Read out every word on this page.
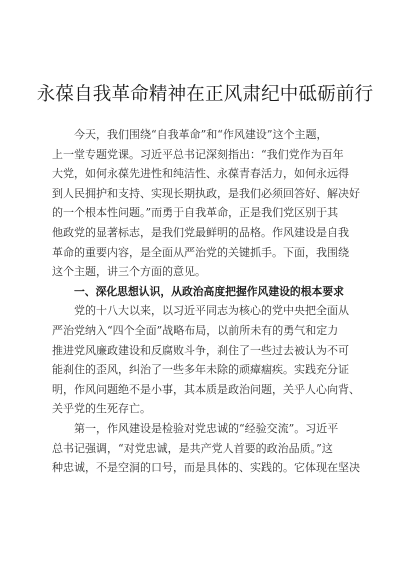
永葆自我革命精神在正风肃纪中砥砺前行
今天，我们围绕“自我革命”和“作风建设”这个主题，
上一堂专题党课。习近平总书记深刻指出：“我们党作为百年
大党，如何永葆先进性和纯洁性、永葆青春活力，如何永远得
到人民拥护和支持、实现长期执政，是我们必须回答好、解决好
的一个根本性问题。”而勇于自我革命，正是我们党区别于其
他政党的显著标志，是我们党最鲜明的品格。作风建设是自我
革命的重要内容，是全面从严治党的关键抓手。下面，我围绕
这个主题，讲三个方面的意见。
一、深化思想认识，从政治高度把握作风建设的根本要求
党的十八大以来，以习近平同志为核心的党中央把全面从
严治党纳入“四个全面”战略布局，以前所未有的勇气和定力
推进党风廉政建设和反腐败斗争，刹住了一些过去被认为不可
能刹住的歪风，纠治了一些多年未除的顽瘴痼疾。实践充分证
明，作风问题绝不是小事，其本质是政治问题，关乎人心向背、
关乎党的生死存亡。
第一，作风建设是检验对党忠诚的“经验交流”。习近平
总书记强调，“对党忠诚，是共产党人首要的政治品质。”这
种忠诚，不是空洞的口号，而是具体的、实践的。它体现在坚决
